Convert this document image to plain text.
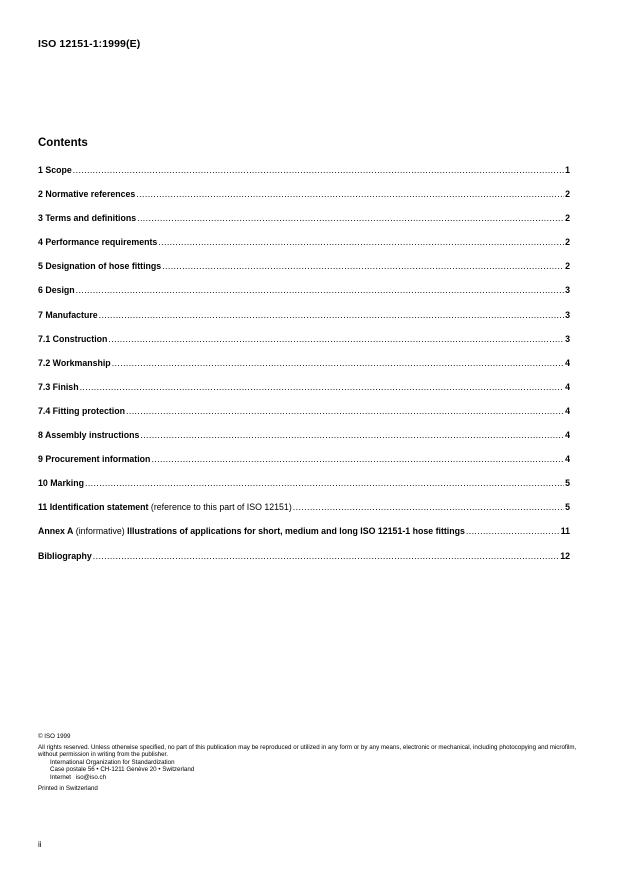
ISO 12151-1:1999(E)
Contents
1 Scope .....	1
2 Normative references .....	2
3 Terms and definitions .....	2
4 Performance requirements .....	2
5 Designation of hose fittings .....	2
6 Design .....	3
7 Manufacture .....	3
7.1 Construction .....	3
7.2 Workmanship .....	4
7.3 Finish .....	4
7.4 Fitting protection .....	4
8 Assembly instructions .....	4
9 Procurement information .....	4
10 Marking .....	5
11 Identification statement (reference to this part of ISO 12151) .....	5
Annex A (informative) Illustrations of applications for short, medium and long ISO 12151-1 hose fittings .....	11
Bibliography .....	12
© ISO 1999
All rights reserved. Unless otherwise specified, no part of this publication may be reproduced or utilized in any form or by any means, electronic or mechanical, including photocopying and microfilm, without permission in writing from the publisher.
International Organization for Standardization
Case postale 56 • CH-1211 Genève 20 • Switzerland
Internet iso@iso.ch
Printed in Switzerland
ii
